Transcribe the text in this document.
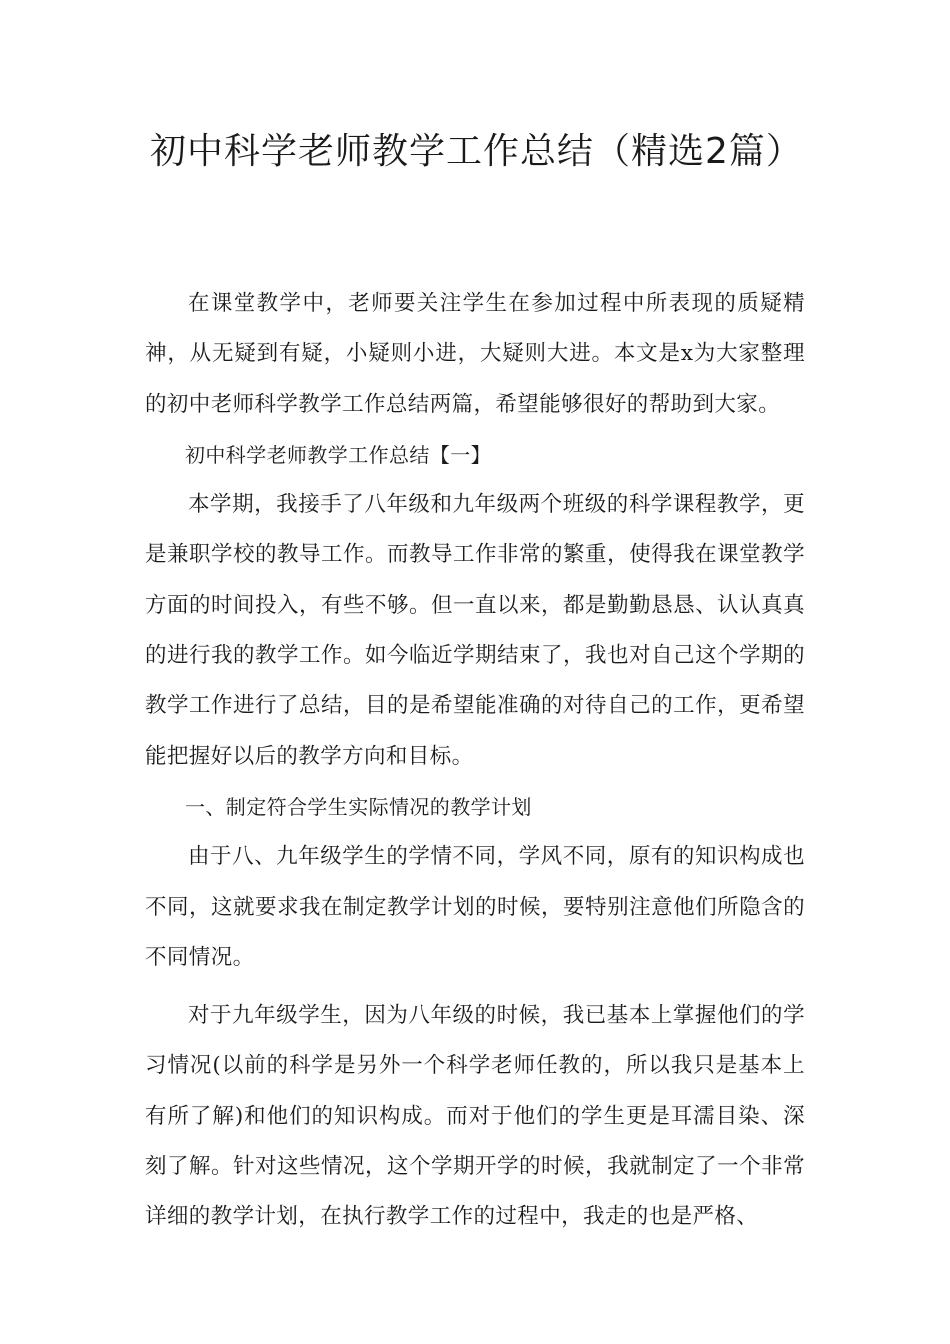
初中科学老师教学工作总结（精选2篇）

在课堂教学中，老师要关注学生在参加过程中所表现的质疑精神，从无疑到有疑，小疑则小进，大疑则大进。本文是x为大家整理的初中老师科学教学工作总结两篇，希望能够很好的帮助到大家。

初中科学老师教学工作总结【一】

本学期，我接手了八年级和九年级两个班级的科学课程教学，更是兼职学校的教导工作。而教导工作非常的繁重，使得我在课堂教学方面的时间投入，有些不够。但一直以来，都是勤勤恳恳、认认真真的进行我的教学工作。如今临近学期结束了，我也对自己这个学期的教学工作进行了总结，目的是希望能准确的对待自己的工作，更希望能把握好以后的教学方向和目标。

一、制定符合学生实际情况的教学计划

由于八、九年级学生的学情不同，学风不同，原有的知识构成也不同，这就要求我在制定教学计划的时候，要特别注意他们所隐含的不同情况。

对于九年级学生，因为八年级的时候，我已基本上掌握他们的学习情况(以前的科学是另外一个科学老师任教的，所以我只是基本上有所了解)和他们的知识构成。而对于他们的学生更是耳濡目染、深刻了解。针对这些情况，这个学期开学的时候，我就制定了一个非常详细的教学计划，在执行教学工作的过程中，我走的也是严格、
